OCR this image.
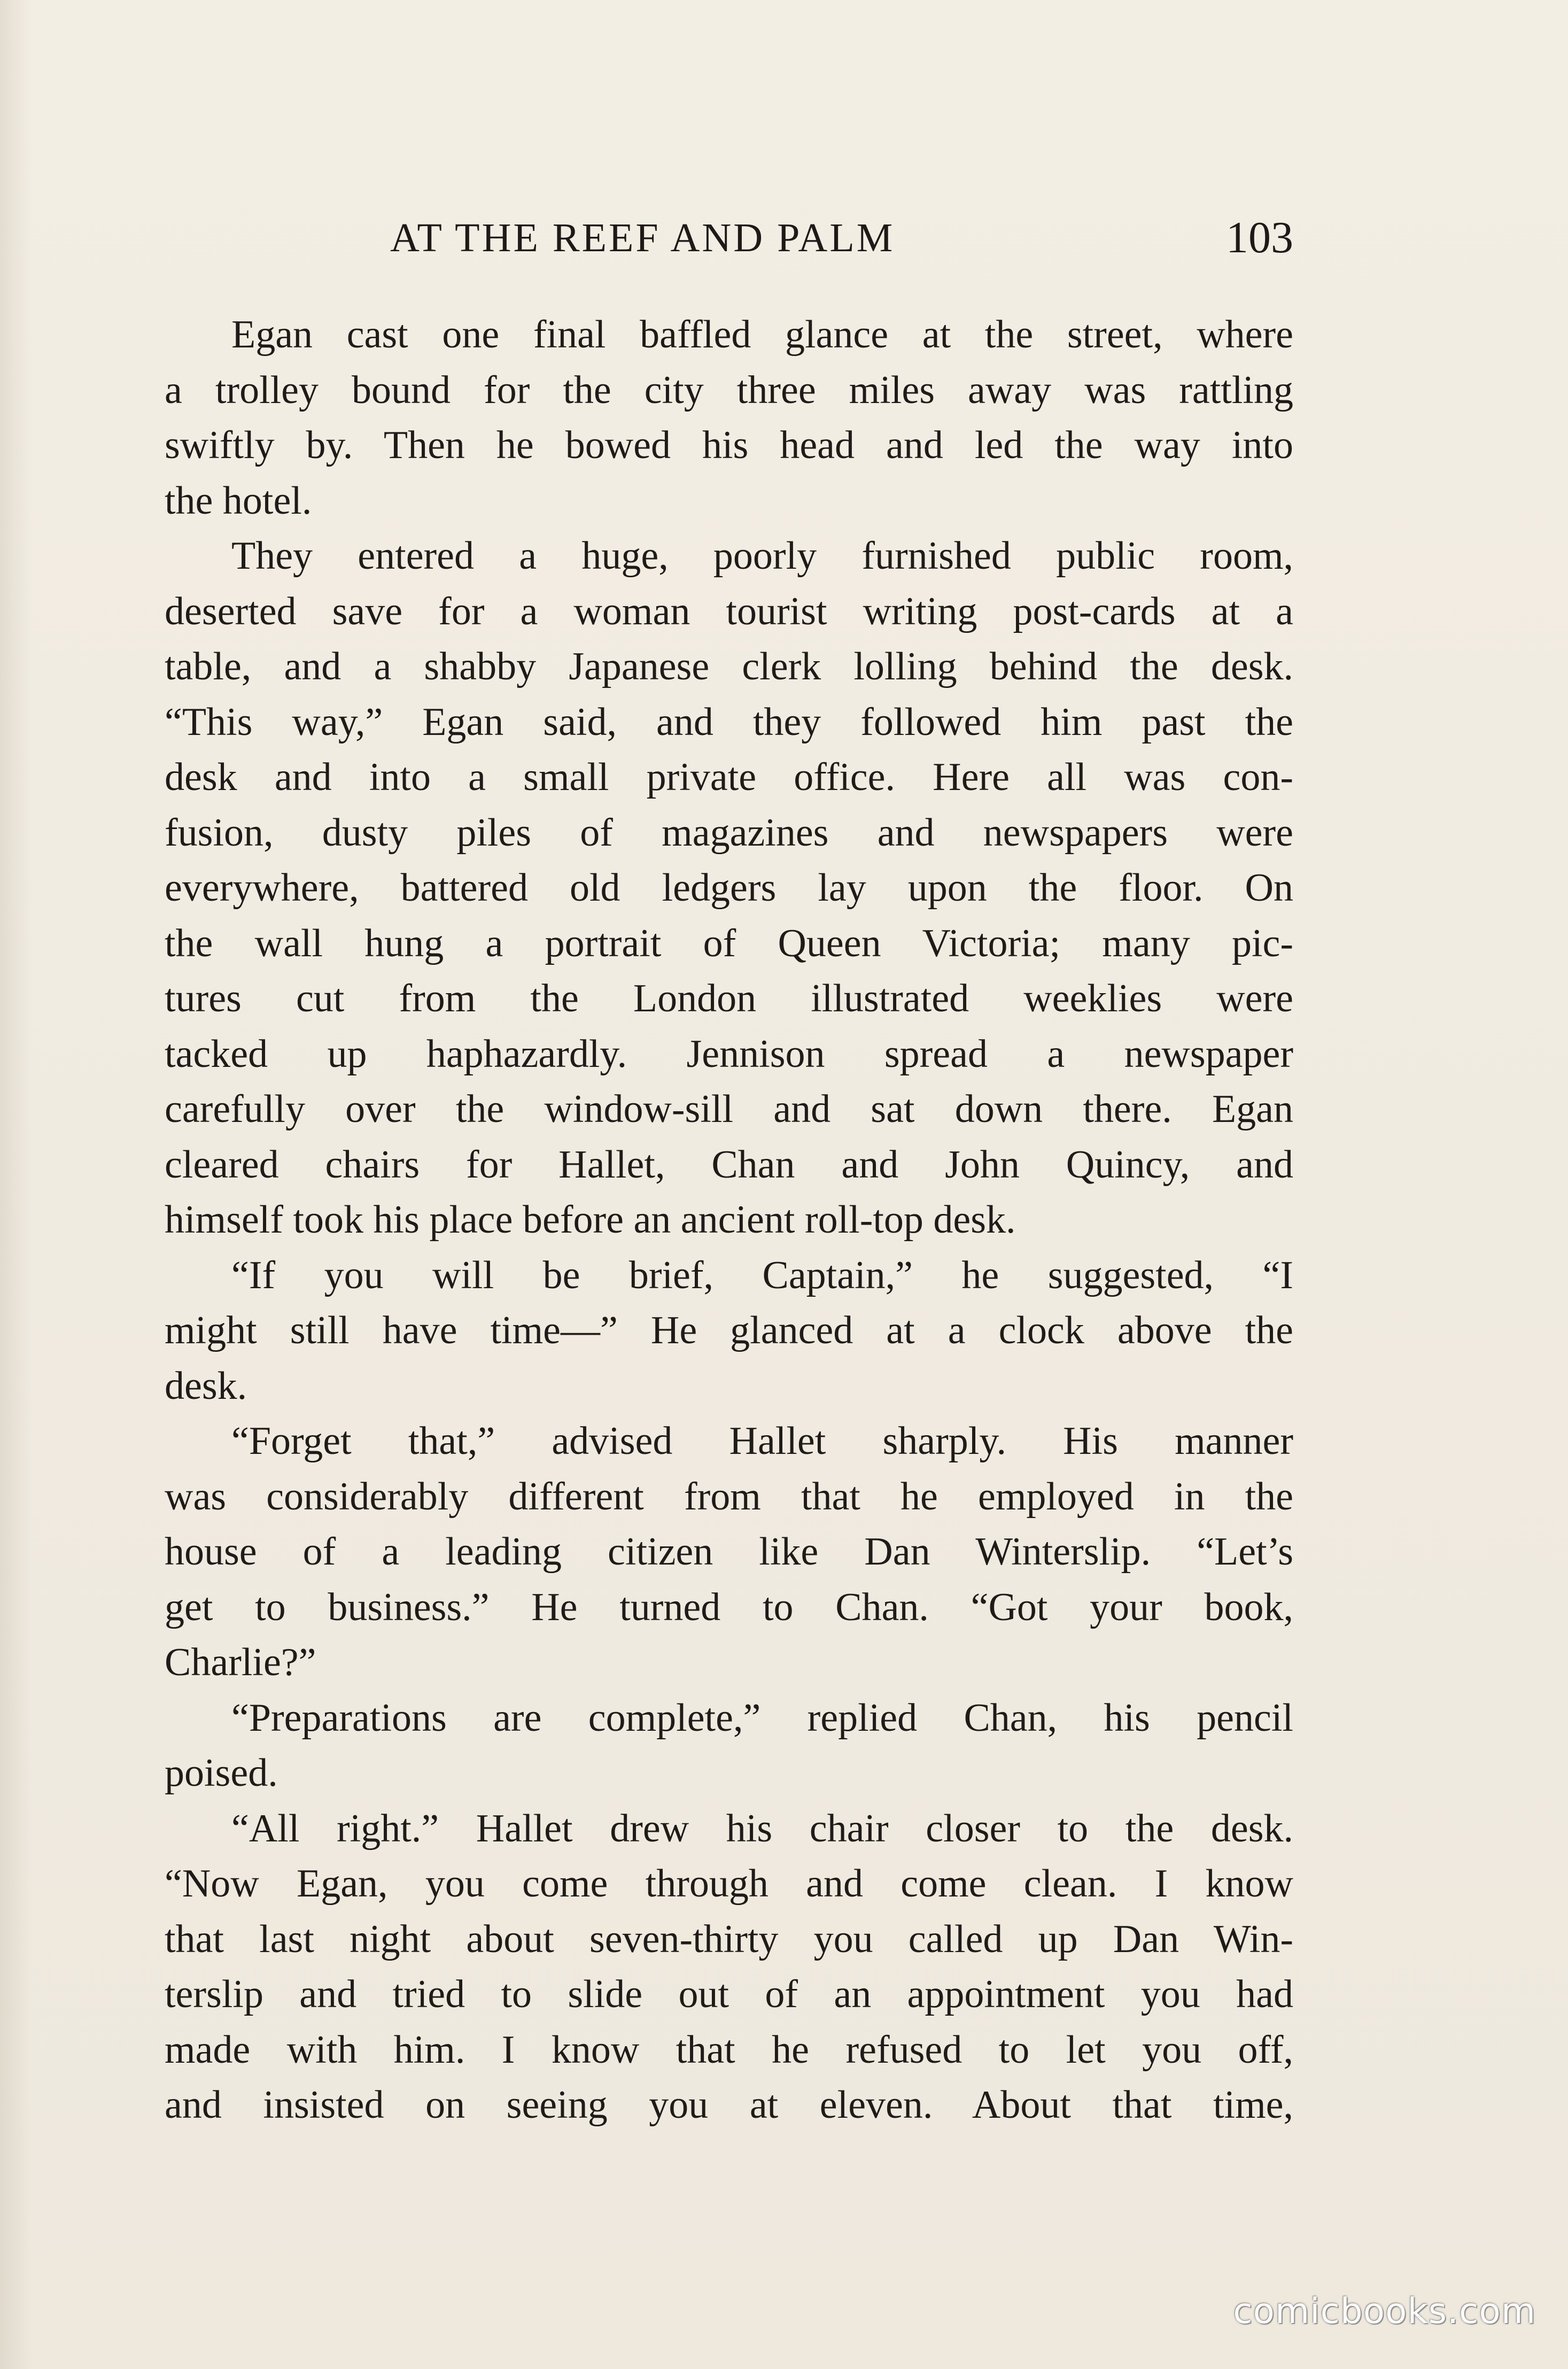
AT THE REEF AND PALM	103
Egan cast one final baffled glance at the street, where
a trolley bound for the city three miles away was rattling
swiftly by. Then he bowed his head and led the way into
the hotel.
They entered a huge, poorly furnished public room,
deserted save for a woman tourist writing post-cards at a
table, and a shabby Japanese clerk lolling behind the desk.
“This way,” Egan said, and they followed him past the
desk and into a small private office. Here all was con-
fusion, dusty piles of magazines and newspapers were
everywhere, battered old ledgers lay upon the floor. On
the wall hung a portrait of Queen Victoria; many pic-
tures cut from the London illustrated weeklies were
tacked up haphazardly. Jennison spread a newspaper
carefully over the window-sill and sat down there. Egan
cleared chairs for Hallet, Chan and John Quincy, and
himself took his place before an ancient roll-top desk.
“If you will be brief, Captain,” he suggested, “I
might still have time—” He glanced at a clock above the
desk.
“Forget that,” advised Hallet sharply. His manner
was considerably different from that he employed in the
house of a leading citizen like Dan Winterslip. “Let’s
get to business.” He turned to Chan. “Got your book,
Charlie?”
“Preparations are complete,” replied Chan, his pencil
poised.
“All right.” Hallet drew his chair closer to the desk.
“Now Egan, you come through and come clean. I know
that last night about seven-thirty you called up Dan Win-
terslip and tried to slide out of an appointment you had
made with him. I know that he refused to let you off,
and insisted on seeing you at eleven. About that time,
comicbooks.com
